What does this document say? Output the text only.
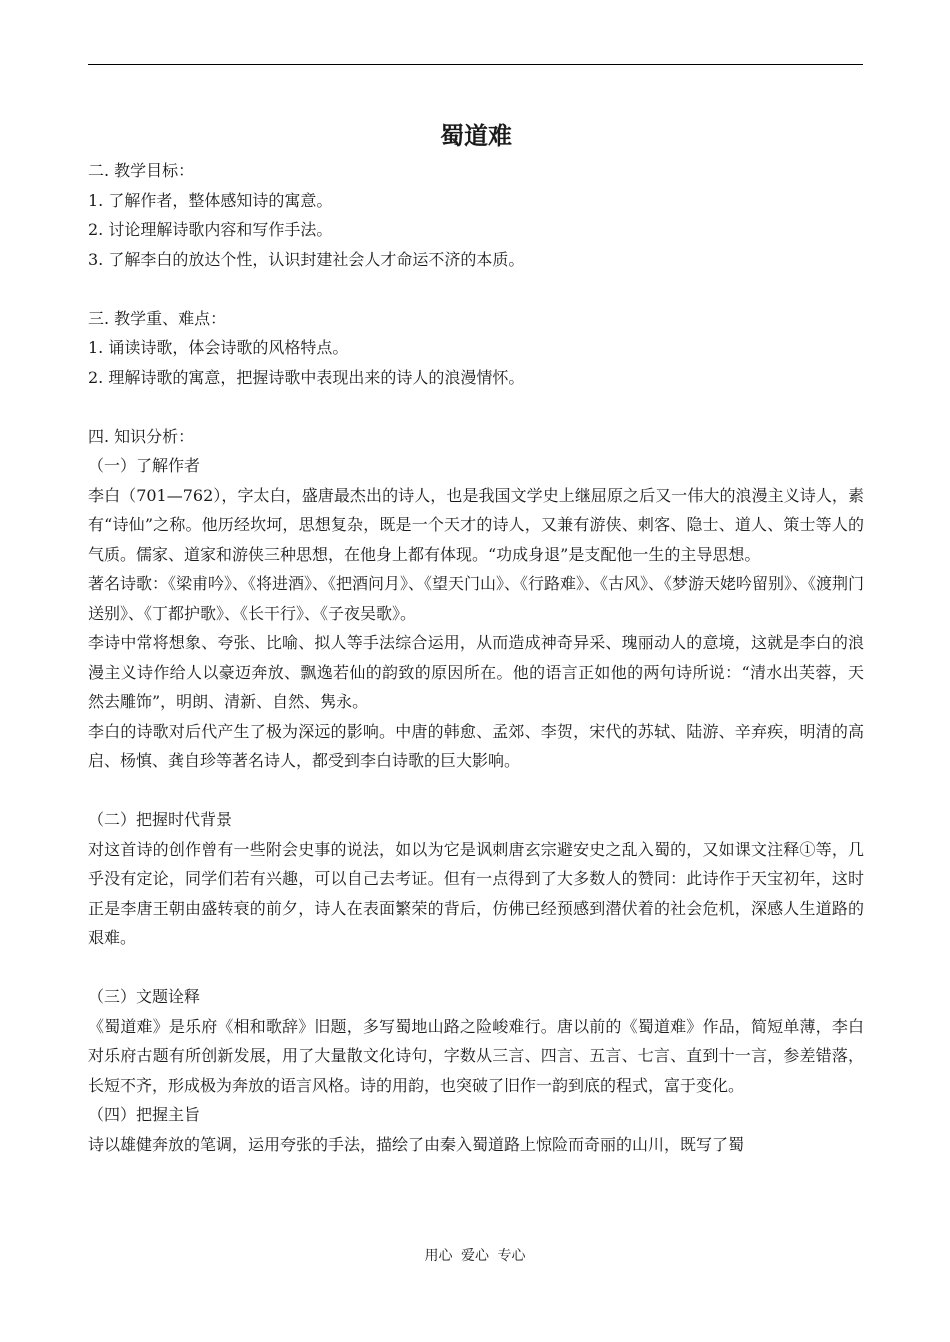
蜀道难

二. 教学目标：

1. 了解作者，整体感知诗的寓意。

2. 讨论理解诗歌内容和写作手法。

3. 了解李白的放达个性，认识封建社会人才命运不济的本质。

三. 教学重、难点：

1. 诵读诗歌，体会诗歌的风格特点。

2. 理解诗歌的寓意，把握诗歌中表现出来的诗人的浪漫情怀。

四. 知识分析：

（一）了解作者

李白（701—762），字太白，盛唐最杰出的诗人，也是我国文学史上继屈原之后又一伟大的浪漫主义诗人，素有“诗仙”之称。他历经坎坷，思想复杂，既是一个天才的诗人，又兼有游侠、刺客、隐士、道人、策士等人的气质。儒家、道家和游侠三种思想，在他身上都有体现。“功成身退”是支配他一生的主导思想。

著名诗歌：《梁甫吟》、《将进酒》、《把酒问月》、《望天门山》、《行路难》、《古风》、《梦游天姥吟留别》、《渡荆门送别》、《丁都护歌》、《长干行》、《子夜吴歌》。

李诗中常将想象、夸张、比喻、拟人等手法综合运用，从而造成神奇异采、瑰丽动人的意境，这就是李白的浪漫主义诗作给人以豪迈奔放、飘逸若仙的韵致的原因所在。他的语言正如他的两句诗所说：“清水出芙蓉，天然去雕饰”，明朗、清新、自然、隽永。

李白的诗歌对后代产生了极为深远的影响。中唐的韩愈、孟郊、李贺，宋代的苏轼、陆游、辛弃疾，明清的高启、杨慎、龚自珍等著名诗人，都受到李白诗歌的巨大影响。

（二）把握时代背景

对这首诗的创作曾有一些附会史事的说法，如以为它是讽刺唐玄宗避安史之乱入蜀的，又如课文注释①等，几乎没有定论，同学们若有兴趣，可以自己去考证。但有一点得到了大多数人的赞同：此诗作于天宝初年，这时正是李唐王朝由盛转衰的前夕，诗人在表面繁荣的背后，仿佛已经预感到潜伏着的社会危机，深感人生道路的艰难。

（三）文题诠释

《蜀道难》是乐府《相和歌辞》旧题，多写蜀地山路之险峻难行。唐以前的《蜀道难》作品，简短单薄，李白对乐府古题有所创新发展，用了大量散文化诗句，字数从三言、四言、五言、七言、直到十一言，参差错落，长短不齐，形成极为奔放的语言风格。诗的用韵，也突破了旧作一韵到底的程式，富于变化。

（四）把握主旨

诗以雄健奔放的笔调，运用夸张的手法，描绘了由秦入蜀道路上惊险而奇丽的山川，既写了蜀

用心 爱心 专心
